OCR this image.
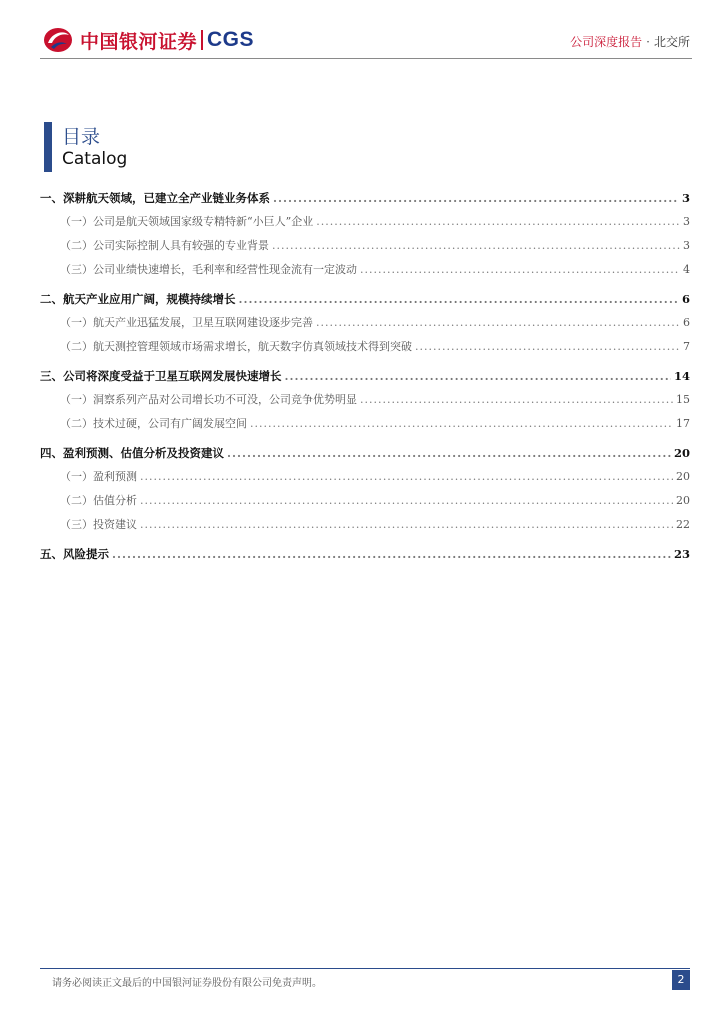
中国银河证券 CGS	公司深度报告 · 北交所
目录
Catalog
一、 深耕航天领域，已建立全产业链业务体系 .....	3
（一） 公司是航天领域国家级专精特新“小巨人”企业 .....	3
（二） 公司实际控制人具有较强的专业背景 .....	3
（三） 公司业绩快速增长，毛利率和经营性现金流有一定波动 .....	4
二、 航天产业应用广阔，规模持续增长 .....	6
（一） 航天产业迅猛发展，卫星互联网建设逐步完善 .....	6
（二） 航天测控管理领域市场需求增长，航天数字仿真领域技术得到突破 .....	7
三、 公司将深度受益于卫星互联网发展快速增长 .....	14
（一） 洞察系列产品对公司增长功不可没，公司竞争优势明显 .....	15
（二） 技术过硬，公司有广阔发展空间 .....	17
四、 盈利预测、估值分析及投资建议 .....	20
（一） 盈利预测 .....	20
（二） 估值分析 .....	20
（三） 投资建议 .....	22
五、 风险提示 .....	23
请务必阅读正文最后的中国银河证券股份有限公司免责声明。	2
